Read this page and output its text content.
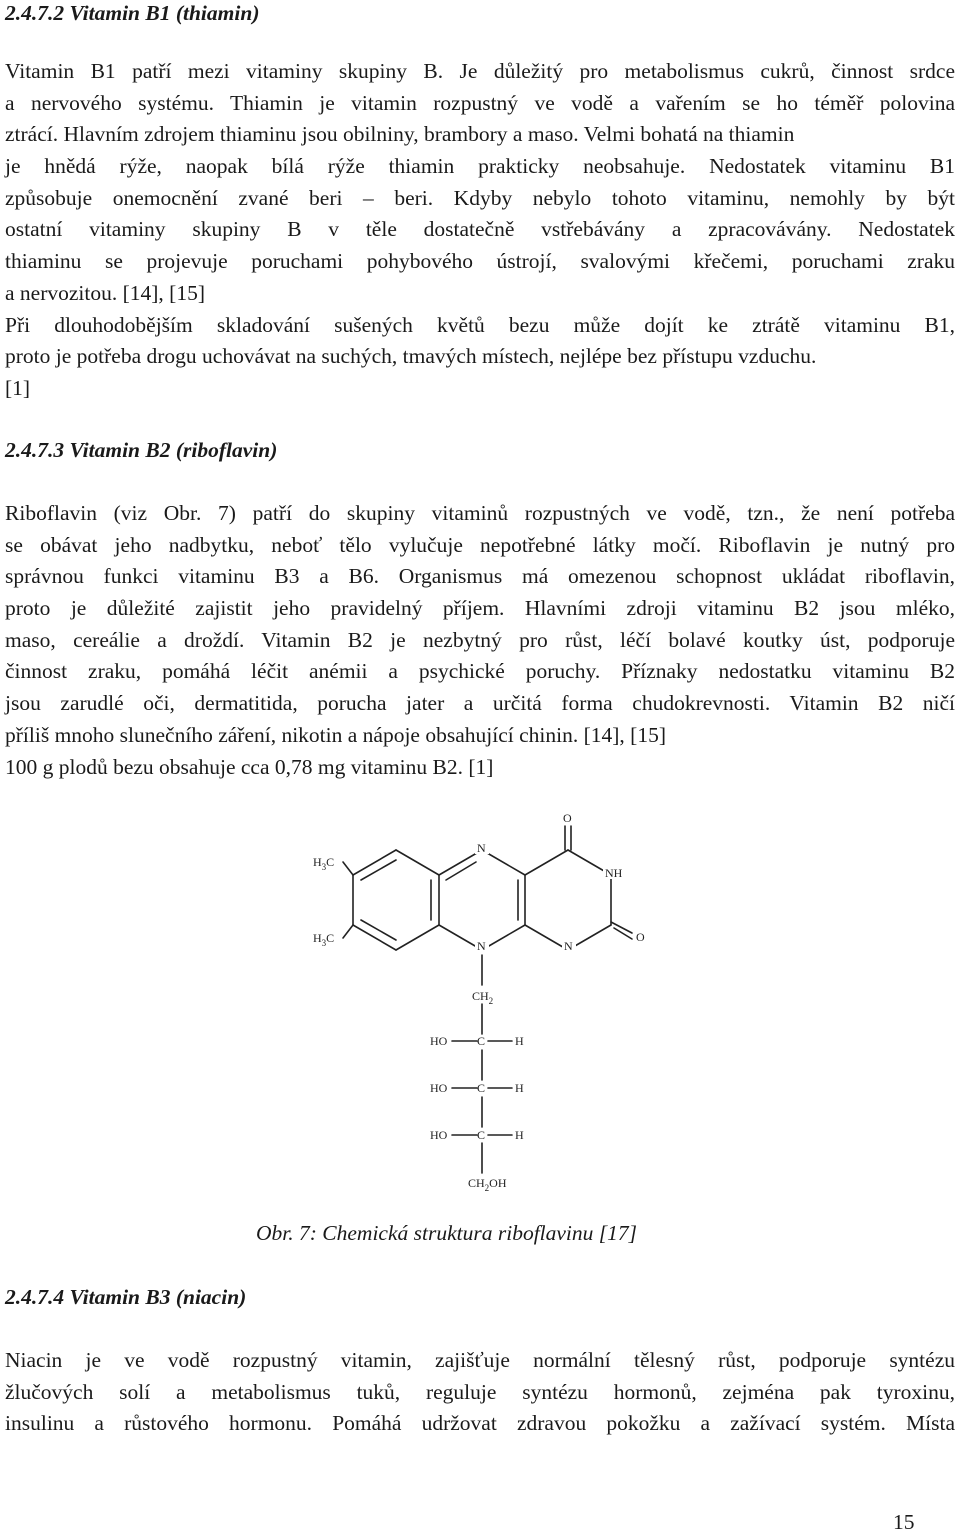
2.4.7.2 Vitamin B1 (thiamin)
Vitamin B1 patří mezi vitaminy skupiny B. Je důležitý pro metabolismus cukrů, činnost srdce
a nervového systému. Thiamin je vitamin rozpustný ve vodě a vařením se ho téměř polovina
ztrácí. Hlavním zdrojem thiaminu jsou obilniny, brambory a maso. Velmi bohatá na thiamin
je hnědá rýže, naopak bílá rýže thiamin prakticky neobsahuje. Nedostatek vitaminu B1
způsobuje onemocnění zvané beri – beri. Kdyby nebylo tohoto vitaminu, nemohly by být
ostatní vitaminy skupiny B v těle dostatečně vstřebávány a zpracovávány. Nedostatek
thiaminu se projevuje poruchami pohybového ústrojí, svalovými křečemi, poruchami zraku
a nervozitou. [14], [15]
Při dlouhodobějším skladování sušených květů bezu může dojít ke ztrátě vitaminu B1,
proto je potřeba drogu uchovávat na suchých, tmavých místech, nejlépe bez přístupu vzduchu.
[1]
2.4.7.3 Vitamin B2 (riboflavin)
Riboflavin (viz Obr. 7) patří do skupiny vitaminů rozpustných ve vodě, tzn., že není potřeba
se obávat jeho nadbytku, neboť tělo vylučuje nepotřebné látky močí. Riboflavin je nutný pro
správnou funkci vitaminu B3 a B6. Organismus má omezenou schopnost ukládat riboflavin,
proto je důležité zajistit jeho pravidelný příjem. Hlavními zdroji vitaminu B2 jsou mléko,
maso, cereálie a droždí. Vitamin B2 je nezbytný pro růst, léčí bolavé koutky úst, podporuje
činnost zraku, pomáhá léčit anémii a psychické poruchy. Příznaky nedostatku vitaminu B2
jsou zarudlé oči, dermatitida, porucha jater a určitá forma chudokrevnosti. Vitamin B2 ničí
příliš mnoho slunečního záření, nikotin a nápoje obsahující chinin. [14], [15]
100 g plodů bezu obsahuje cca 0,78 mg vitaminu B2. [1]
$H_3C$
$H_3C$
N
N	N
NH
O
O
$CH_2$
HO C H
HO C H
HO C H
$CH_2OH$

Obr. 7: Chemická struktura riboflavinu [17]

2.4.7.4 Vitamin B3 (niacin)
Niacin je ve vodě rozpustný vitamin, zajišťuje normální tělesný růst, podporuje syntézu
žlučových solí a metabolismus tuků, reguluje syntézu hormonů, zejména pak tyroxinu,
insulinu a růstového hormonu. Pomáhá udržovat zdravou pokožku a zažívací systém. Místa

15
